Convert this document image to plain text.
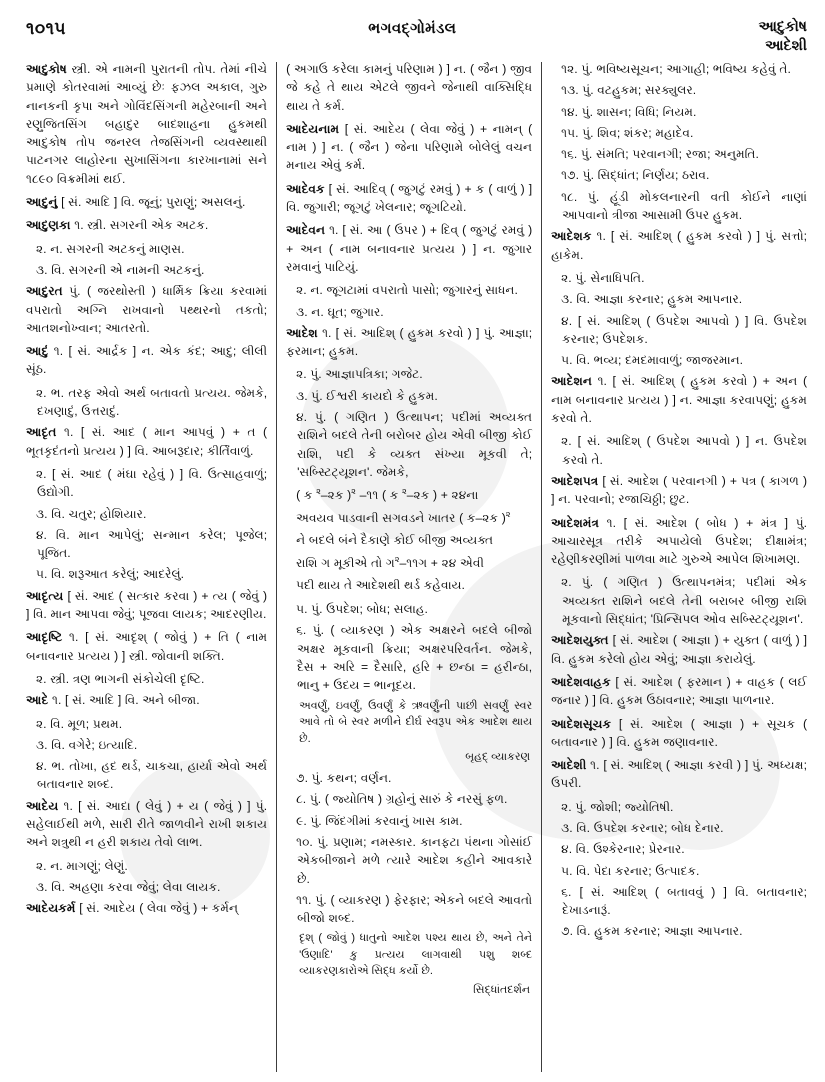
૧૦૧૫	ભગવદ્ગોમંડલ	આદુકોષ
આદેશી

આદુકોષ સ્ત્રી. એ નામની પુરાતની તોપ. તેમાં નીચે પ્રમાણે કોતરવામાં આવ્યું છેઃ ફઝલ અકાલ, ગુરુ નાનકની કૃપા અને ગોવિંદસિંગની મહેરબાની અને રણુજિતસિંગ બહાદુર બાદશાહના હુકમથી આદુકોષ તોપ જનરલ તેજસિંગની વ્યવસ્થાથી પાટનગર લાહોરના સુખાસિંગના કારખાનામાં સને ૧૮૯૦ વિક્રમીમાં થઈ.

આદુનું [ સં. આદિ ] વિ. જૂનું; પુરાણું; અસલનું.

આદુણકા ૧. સ્ત્રી. સગરની એક અટક.

૨. ન. સગરની અટકનું માણસ.

૩. વિ. સગરની એ નામની અટકનું.

આદુરત પું. ( જરથોસ્તી ) ધાર્મિક ક્રિયા કરવામાં વપરાતો અગ્નિ રાખવાનો પથ્થરનો તકતો; આતશનોખ્વાન; આતરતો.

આદું ૧. [ સં. આર્દ્રક ] ન. એક કંદ; આદુ; લીલી સૂંઠ.

૨. ભ. તરફ એવો અર્થ બતાવતો પ્રત્યય. જેમકે, દખણાદું, ઉત્તરાદું.

આદૃત ૧. [ સં. આદ ( માન આપવું ) + ત ( ભૂતકૃદંતનો પ્રત્યય ) ] વિ. આબરૂદાર; કીર્તિંવાળું.

૨. [ સં. આદ ( મંઘા રહેવું ) ] વિ. ઉત્સાહવાળું; ઉદ્યોગી.

૩. વિ. ચતુર; હોશિયાર.

૪. વિ. માન આપેલું; સન્માન કરેલ; પૂજેલ; પૂજિત.

૫. વિ. શરૂઆત કરેલું; આદરેલું.

આદૃત્ય [ સં. આદ ( સત્કાર કરવા ) + ત્ય ( જેવું ) ] વિ. માન આપવા જેવું; પૂજવા લાયક; આદરણીય.

આદૃષ્ટિ ૧. [ સં. આદૃશ્ ( જોવું ) + તિ ( નામ બનાવનાર પ્રત્યય ) ] સ્ત્રી. જોવાની શક્તિ.

૨. સ્ત્રી. ત્રણ ભાગની સંકોચેલી દૃષ્ટિ.

આદે ૧. [ સં. આદિ ] વિ. અને બીજા.

૨. વિ. મૂળ; પ્રથમ.

૩. વિ. વગેરે; ઇત્યાદિ.

૪. ભ. તોખા, હદ થર્ડ, ચાકચા, હાર્યા એવો અર્થ બતાવનાર શબ્દ.

આદેય ૧. [ સં. આદા ( લેવું ) + ય ( જેવું ) ] પું. સહેલાઈથી મળે, સારી રીતે જાળવીને રાખી શકાય અને શત્રુથી ન હરી શકાય તેવો લાભ.

૨. ન. માગણું; લેણું.

૩. વિ. અહણા કરવા જેવું; લેવા લાયક.

આદેયકર્મ [ સં. આદેય ( લેવા જેવું ) + કર્મન્

( અગાઉ કરેલા કામનું પરિણામ ) ] ન. ( જૈન ) જીવ જે કહે તે થાય એટલે જીવને જેનાથી વાક્સિદ્ધિ થાય તે કર્મ.

આદેયનામ [ સં. આદેય ( લેવા જેવું ) + નામન્ ( નામ ) ] ન. ( જૈન ) જેના પરિણામે બોલેલું વચન મનાય એવું કર્મ.

આદેવક [ સં. આદિવ્ ( જુગટું રમવું ) + ક ( વાળું ) ] વિ. જુગારી; જૂગટું ખેલનાર; જૂગટિયો.

આદેવન ૧. [ સં. આ ( ઉપર ) + દિવ્ ( જુગટું રમવું ) + અન ( નામ બનાવનાર પ્રત્યય ) ] ન. જુગાર રમવાનું પાટિયું.

૨. ન. જૂગટામાં વપરાતો પાસો; જુગારનું સાધન.

૩. ન. ઘૂત; જુગાર.

આદેશ ૧. [ સં. આદિશ્ ( હુકમ કરવો ) ] પું. આજ્ઞા; ફરમાન; હુકમ.

૨. પું. આજ્ઞાપત્રિકા; ગજેટ.

૩. પું. ઈશ્વરી કાયદો કે હુકમ.

૪. પું. ( ગણિત ) ઉત્થાપન; પદીમાં અવ્યક્ત રાશિને બદલે તેની બરોબર હોય એવી બીજી કોઈ રાશિ, પદી કે વ્યક્ત સંખ્યા મૂકવી તે; 'સબ્સ્ટિટ્યૂશન'. જેમકે,

( ક $^૨$–૨ક )$^૨$ –૧૧ ( ક $^૨$–૨ક ) + ૨૪ના
અવયવ પાડવાની સગવડને ખાતર ( ક–૨ક )$^૨$
ને બદલે બંને દૈકાણે કોઈ બીજી અવ્યક્ત
રાશિ ગ મૂકીએ તો ગ$^૨$–૧૧ગ + ૨૪ એવી
પદી થાય તે આદેશથી થર્ડ કહેવાય.

૫. પું. ઉપદેશ; બોધ; સલાહ.

૬. પું. ( વ્યાકરણ ) એક અક્ષરને બદલે બીજો અક્ષર મૂકવાની ક્રિયા; અક્ષરપરિવર્તન. જેમકે, દૈસ + અરિ = દૈસારિ, હરિ + છન્ઠા = હરીન્ઠા, ભાનુ + ઉદય = ભાનૂદય.

અવર્ણું, ઇવર્ણું, ઉવર્ણું કે ઋવર્ણુંની પાછી સવર્ણું સ્વર આવે તો બે સ્વર મળીને દીર્ઘ સ્વરૂપ એક આદેશ થાય છે.
બૃહદ્ વ્યાકરણ

૭. પું. કથન; વર્ણન.

૮. પું. ( જ્યોતિષ ) ગ્રહોનું સારું કે નરસું ફળ.

૯. પું. જિંદગીમાં કરવાનું ખાસ કામ.

૧૦. પું. પ્રણામ; નમસ્કાર. કાનફટા પંથના ગોસાંઈ એકબીજાને મળે ત્યારે આદેશ કહીને આવકારે છે.

૧૧. પું. ( વ્યાકરણ ) ફેરફાર; એકને બદલે આવતો બીજો શબ્દ.

દૃશ્ ( જોવું ) ધાતુનો આદેશ પશ્ય થાય છે, અને તેને 'ઉણાદિ' કુ પ્રત્યય લાગવાથી પશુ શબ્દ વ્યાકરણકારોએ સિદ્ધ કર્યો છે.
સિદ્ધાંતદર્શન

૧૨. પું. ભવિષ્યસૂચન; આગાહી; ભવિષ્ય કહેવું તે.

૧૩. પું. વટહુકમ; સરક્યુલર.

૧૪. પું. શાસન; વિધિ; નિયમ.

૧૫. પું. શિવ; શંકર; મહાદેવ.

૧૬. પું. સંમતિ; પરવાનગી; રજા; અનુમતિ.

૧૭. પું. સિદ્ધાંત; નિર્ણય; ઠરાવ.

૧૮. પું. હૂંડી મોકલનારની વતી કોઈને નાણાં આપવાનો ત્રીજા આસામી ઉપર હુકમ.

આદેશક ૧. [ સં. આદિશ્ ( હુકમ કરવો ) ] પું. સત્તો; હાકેમ.

૨. પું. સેનાધિપતિ.

૩. વિ. આજ્ઞા કરનાર; હુકમ આપનાર.

૪. [ સં. આદિશ્ ( ઉપદેશ આપવો ) ] વિ. ઉપદેશ કરનાર; ઉપદેશક.

૫. વિ. ભવ્ય; દમદમાવાળું; જાજરમાન.

આદેશન ૧. [ સં. આદિશ્ ( હુકમ કરવો ) + અન ( નામ બનાવનાર પ્રત્યય ) ] ન. આજ્ઞા કરવાપણું; હુકમ કરવો તે.

૨. [ સં. આદિશ્ ( ઉપદેશ આપવો ) ] ન. ઉપદેશ કરવો તે.

આદેશપત્ર [ સં. આદેશ ( પરવાનગી ) + પત્ર ( કાગળ ) ] ન. પરવાનો; રજાચિઠ્ઠી; છુટ.

આદેશમંત્ર ૧. [ સં. આદેશ ( બોધ ) + મંત્ર ] પું. આચારસૂત્ર તરીકે અપાયેલો ઉપદેશ; દીક્ષામંત્ર; રહેણીકરણીમાં પાળવા માટે ગુરુએ આપેલ શિખામણ.

૨. પું. ( ગણિત ) ઉત્થાપનમંત્ર; પદીમાં એક અવ્યક્ત રાશિને બદલે તેની બરાબર બીજી રાશિ મૂકવાનો સિદ્ધાંત; 'પ્રિન્સિપલ ઓવ સબ્સ્ટિટ્યૂશન'.

આદેશયુક્ત [ સં. આદેશ ( આજ્ઞા ) + યુક્ત ( વાળું ) ] વિ. હુકમ કરેલો હોય એવું; આજ્ઞા કરાયેલું.

આદેશવાહક [ સં. આદેશ ( ફરમાન ) + વાહક ( લઈ જનાર ) ] વિ. હુકમ ઉઠાવનાર; આજ્ઞા પાળનાર.

આદેશસૂચક [ સં. આદેશ ( આજ્ઞા ) + સૂચક ( બતાવનાર ) ] વિ. હુકમ જણાવનાર.

આદેશી ૧. [ સં. આદિશ્ ( આજ્ઞા કરવી ) ] પું. અધ્યક્ષ; ઉપરી.

૨. પું. જોશી; જ્યોતિષી.

૩. વિ. ઉપદેશ કરનાર; બોધ દેનાર.

૪. વિ. ઉશ્કેરનાર; પ્રેરનાર.

૫. વિ. પેદા કરનાર; ઉત્પાદક.

૬. [ સં. આદિશ્ ( બતાવવું ) ] વિ. બતાવનાર; દેખાડનારૂં.

૭. વિ. હુકમ કરનાર; આજ્ઞા આપનાર.
